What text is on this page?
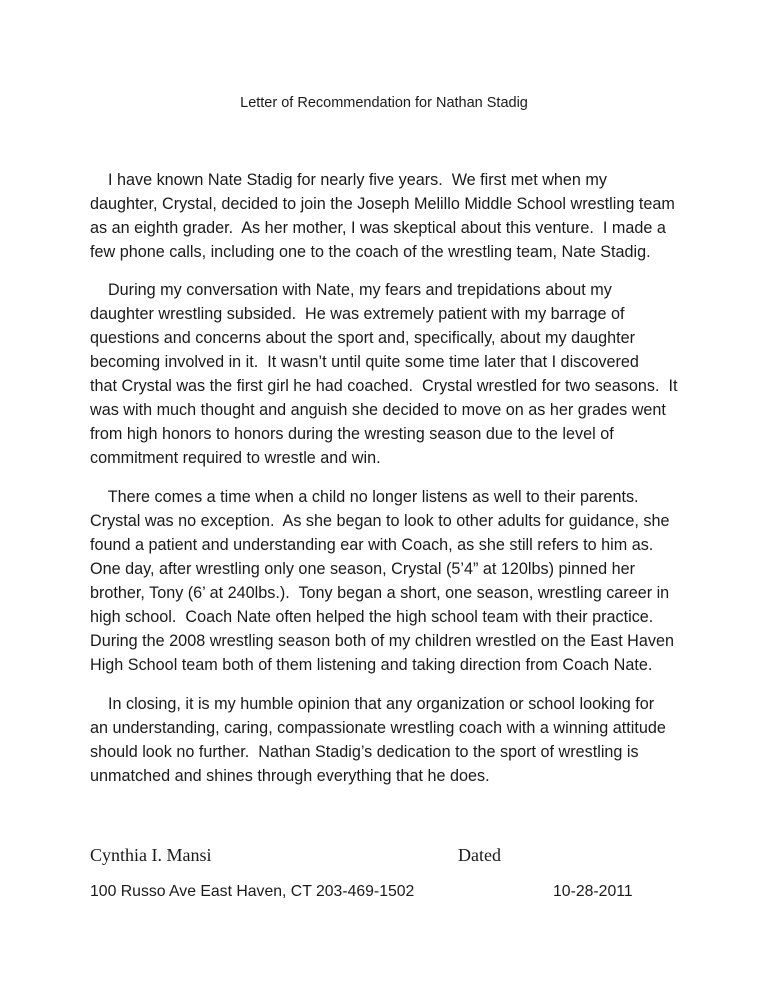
Letter of Recommendation for Nathan Stadig
I have known Nate Stadig for nearly five years.  We first met when my
daughter, Crystal, decided to join the Joseph Melillo Middle School wrestling team
as an eighth grader.  As her mother, I was skeptical about this venture.  I made a
few phone calls, including one to the coach of the wrestling team, Nate Stadig.
During my conversation with Nate, my fears and trepidations about my
daughter wrestling subsided.  He was extremely patient with my barrage of
questions and concerns about the sport and, specifically, about my daughter
becoming involved in it.  It wasn’t until quite some time later that I discovered
that Crystal was the first girl he had coached.  Crystal wrestled for two seasons.  It
was with much thought and anguish she decided to move on as her grades went
from high honors to honors during the wresting season due to the level of
commitment required to wrestle and win.
There comes a time when a child no longer listens as well to their parents.
Crystal was no exception.  As she began to look to other adults for guidance, she
found a patient and understanding ear with Coach, as she still refers to him as.
One day, after wrestling only one season, Crystal (5’4” at 120lbs) pinned her
brother, Tony (6’ at 240lbs.).  Tony began a short, one season, wrestling career in
high school.  Coach Nate often helped the high school team with their practice.
During the 2008 wrestling season both of my children wrestled on the East Haven
High School team both of them listening and taking direction from Coach Nate.
In closing, it is my humble opinion that any organization or school looking for
an understanding, caring, compassionate wrestling coach with a winning attitude
should look no further.  Nathan Stadig’s dedication to the sport of wrestling is
unmatched and shines through everything that he does.
Cynthia I. Mansi	Dated
100 Russo Ave East Haven, CT 203-469-1502	10-28-2011
